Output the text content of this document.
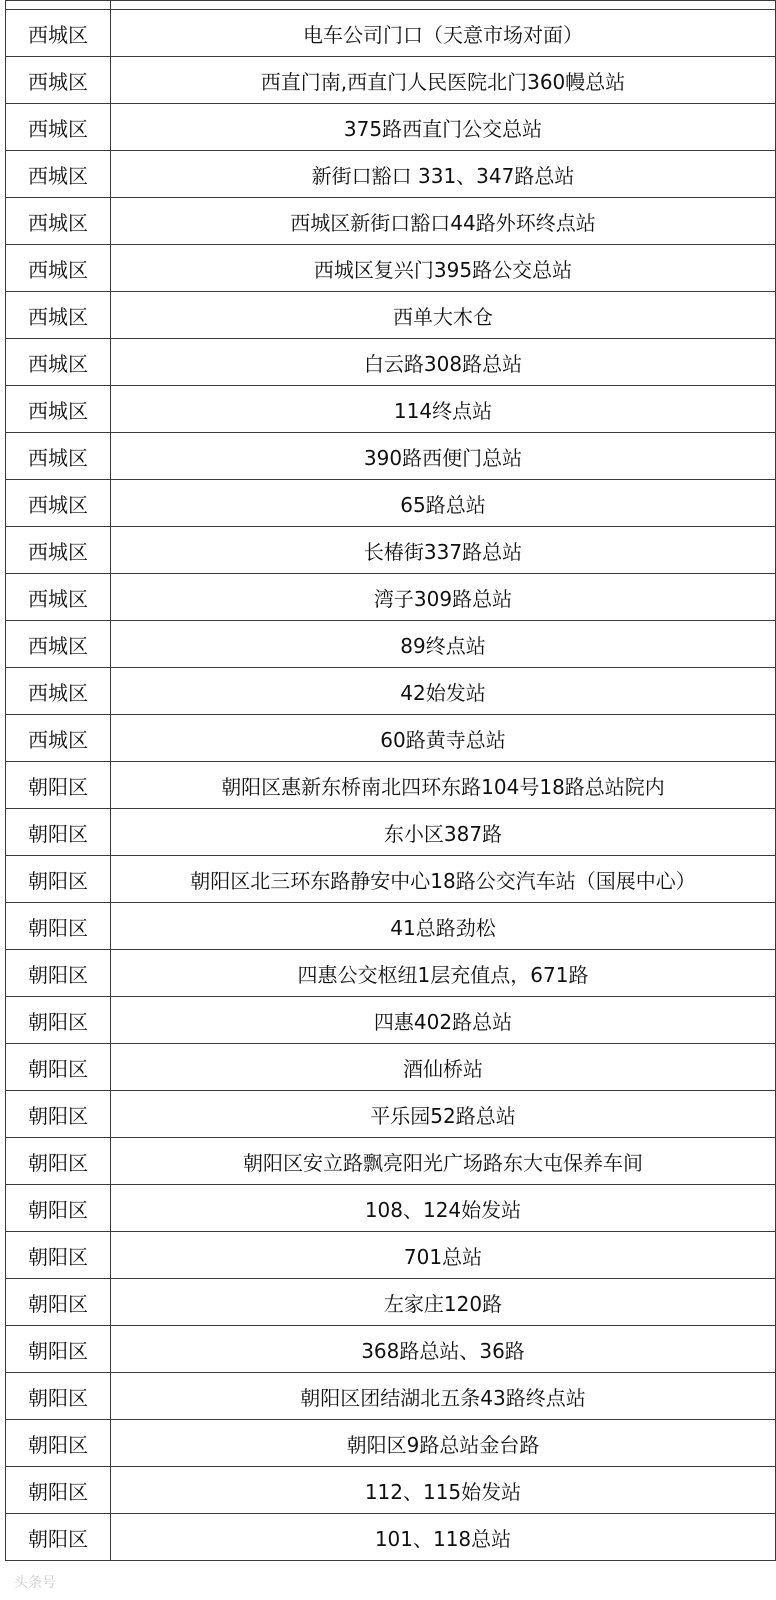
西城区	电车公司门口（天意市场对面）
西城区	西直门南,西直门人民医院北门360幔总站
西城区	375路西直门公交总站
西城区	新街口豁口 331、347路总站
西城区	西城区新街口豁口44路外环终点站
西城区	西城区复兴门395路公交总站
西城区	西单大木仓
西城区	白云路308路总站
西城区	114终点站
西城区	390路西便门总站
西城区	65路总站
西城区	长椿街337路总站
西城区	湾子309路总站
西城区	89终点站
西城区	42始发站
西城区	60路黄寺总站
朝阳区	朝阳区惠新东桥南北四环东路104号18路总站院内
朝阳区	东小区387路
朝阳区	朝阳区北三环东路静安中心18路公交汽车站（国展中心）
朝阳区	41总路劲松
朝阳区	四惠公交枢纽1层充值点，671路
朝阳区	四惠402路总站
朝阳区	酒仙桥站
朝阳区	平乐园52路总站
朝阳区	朝阳区安立路飘亮阳光广场路东大屯保养车间
朝阳区	108、124始发站
朝阳区	701总站
朝阳区	左家庄120路
朝阳区	368路总站、36路
朝阳区	朝阳区团结湖北五条43路终点站
朝阳区	朝阳区9路总站金台路
朝阳区	112、115始发站
朝阳区	101、118总站
头条号
